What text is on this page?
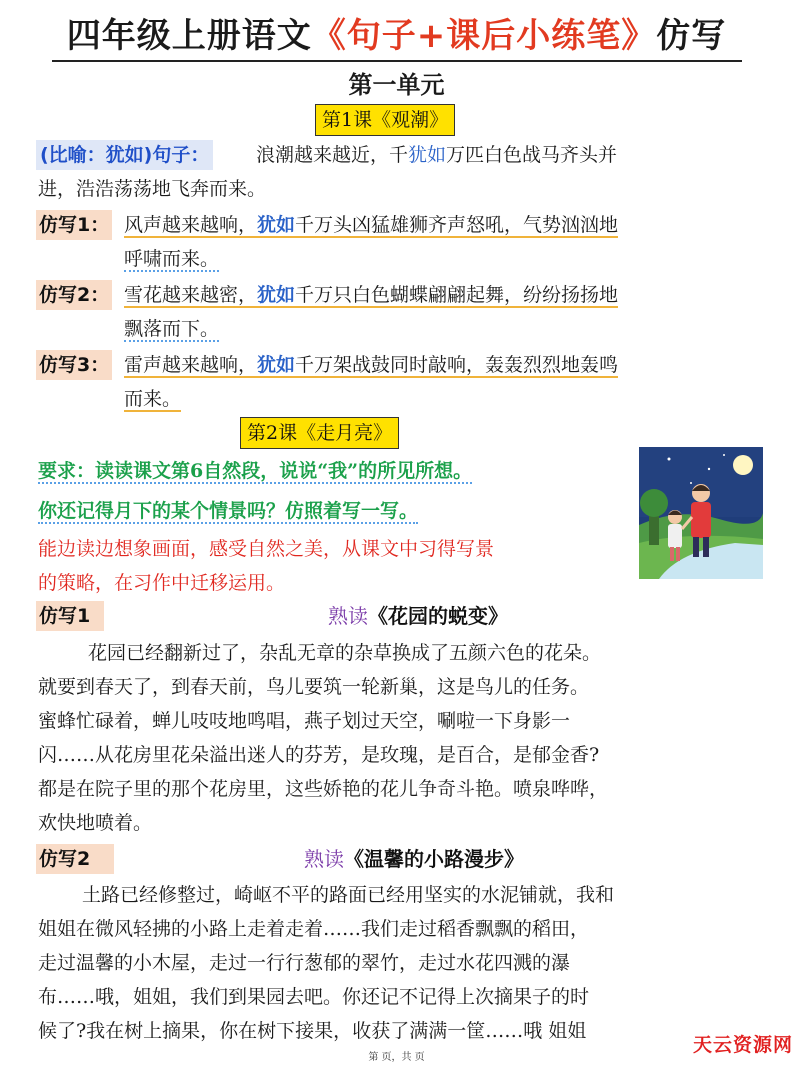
四年级上册语文《句子+课后小练笔》仿写
第一单元
第1课《观潮》
(比喻：犹如)句子： 浪潮越来越近，千犹如万匹白色战马齐头并

进，浩浩荡荡地飞奔而来。

仿写1： 风声越来越响，犹如千万头凶猛雄狮齐声怒吼，气势汹汹地

呼啸而来。

仿写2： 雪花越来越密，犹如千万只白色蝴蝶翩翩起舞，纷纷扬扬地

飘落而下。

仿写3： 雷声越来越响，犹如千万架战鼓同时敲响，轰轰烈烈地轰鸣

而来。

第2课《走月亮》

要求：读读课文第6自然段，说说“我”的所见所想。

你还记得月下的某个情景吗？仿照着写一写。

能边读边想象画面，感受自然之美，从课文中习得写景

的策略，在习作中迁移运用。

仿写1	熟读《花园的蜕变》

花园已经翻新过了，杂乱无章的杂草换成了五颜六色的花朵。

就要到春天了，到春天前，鸟儿要筑一轮新巢，这是鸟儿的任务。

蜜蜂忙碌着，蝉儿吱吱地鸣唱，燕子划过天空，唰啦一下身影一

闪……从花房里花朵溢出迷人的芬芳，是玫瑰，是百合，是郁金香?

都是在院子里的那个花房里，这些娇艳的花儿争奇斗艳。喷泉哗哗，

欢快地喷着。

仿写2	熟读《温馨的小路漫步》

土路已经修整过，崎岖不平的路面已经用坚实的水泥铺就，我和

姐姐在微风轻拂的小路上走着走着……我们走过稻香飘飘的稻田，

走过温馨的小木屋，走过一行行葱郁的翠竹，走过水花四溅的瀑

布……哦，姐姐，我们到果园去吧。你还记不记得上次摘果子的时

候了?我在树上摘果，你在树下接果，收获了满满一筐……哦 姐姐

第 页，共 页
天云资源网
